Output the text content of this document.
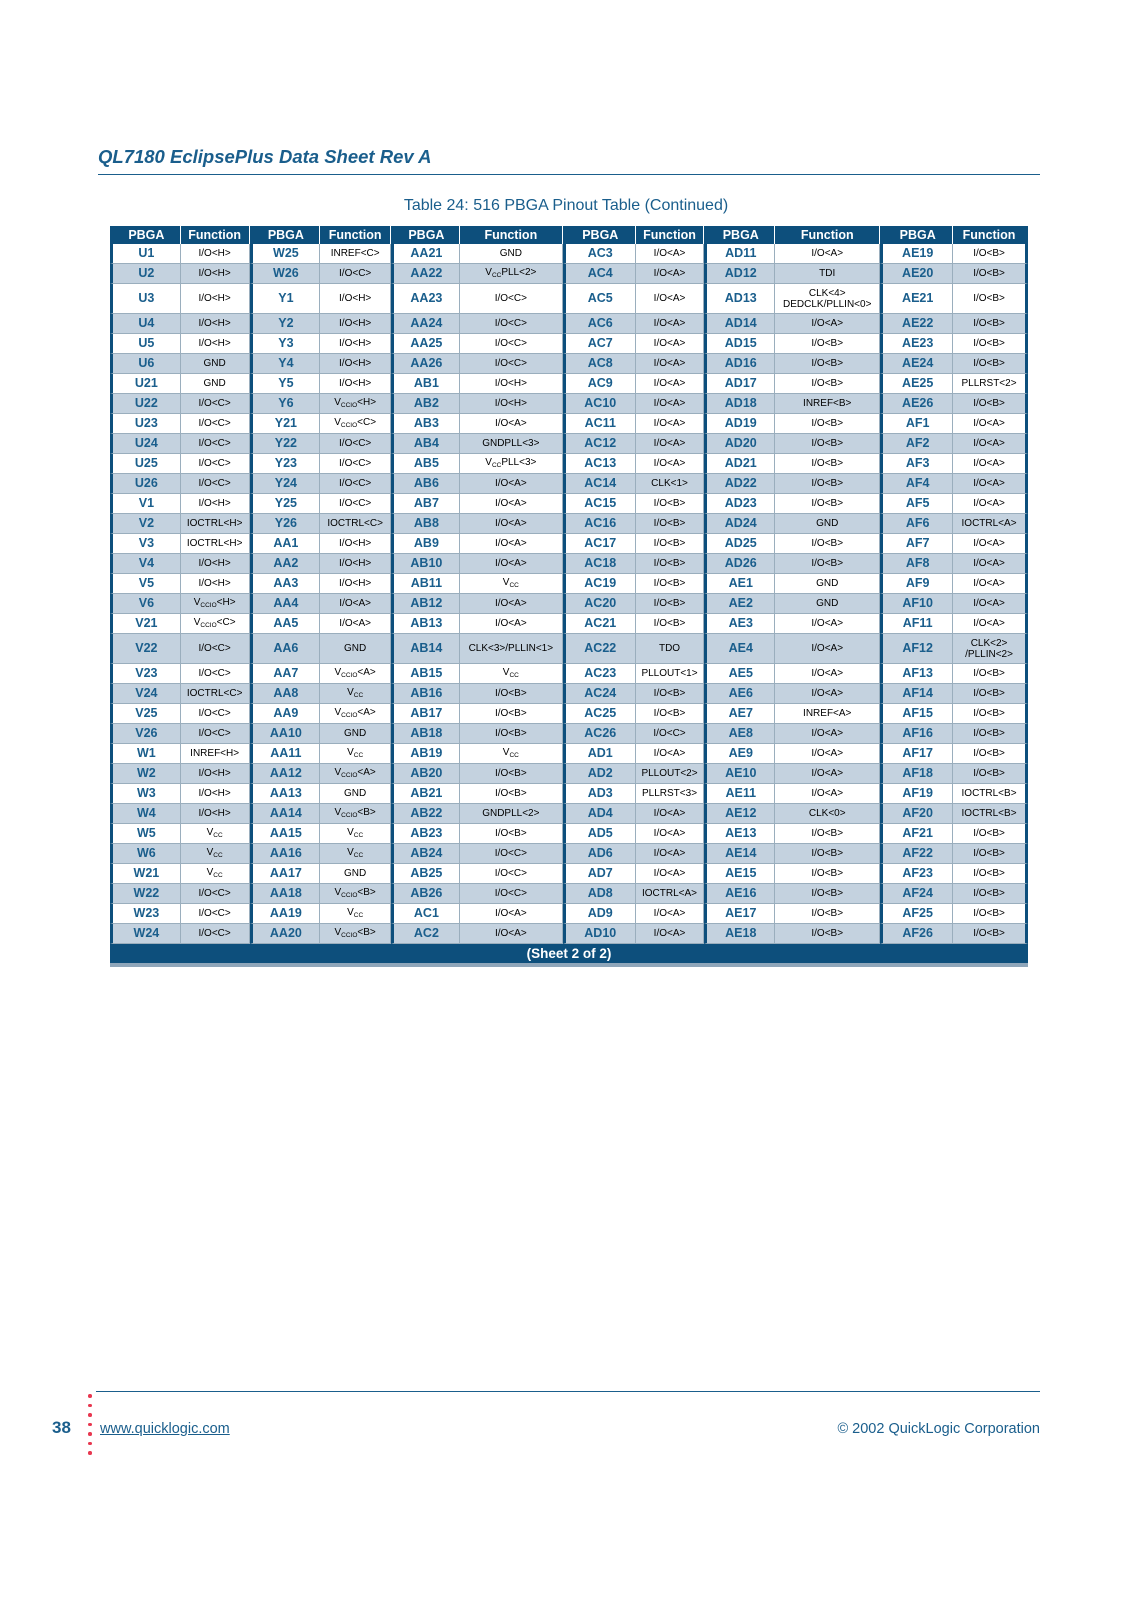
QL7180 EclipsePlus Data Sheet Rev A
Table 24: 516 PBGA Pinout Table (Continued)
PBGA	Function	PBGA	Function	PBGA	Function	PBGA	Function	PBGA	Function	PBGA	Function
U1	I/O<H>	W25	INREF<C>	AA21	GND	AC3	I/O<A>	AD11	I/O<A>	AE19	I/O<B>
U2	I/O<H>	W26	I/O<C>	AA22	$V_{CC}PLL<2>$	AC4	I/O<A>	AD12	TDI	AE20	I/O<B>
U3	I/O<H>	Y1	I/O<H>	AA23	I/O<C>	AC5	I/O<A>	AD13	CLK<4>
DEDCLK/PLLIN<0>	AE21	I/O<B>
U4	I/O<H>	Y2	I/O<H>	AA24	I/O<C>	AC6	I/O<A>	AD14	I/O<A>	AE22	I/O<B>
U5	I/O<H>	Y3	I/O<H>	AA25	I/O<C>	AC7	I/O<A>	AD15	I/O<B>	AE23	I/O<B>
U6	GND	Y4	I/O<H>	AA26	I/O<C>	AC8	I/O<A>	AD16	I/O<B>	AE24	I/O<B>
U21	GND	Y5	I/O<H>	AB1	I/O<H>	AC9	I/O<A>	AD17	I/O<B>	AE25	PLLRST<2>
U22	I/O<C>	Y6	$V_{CCIO}<H>$	AB2	I/O<H>	AC10	I/O<A>	AD18	INREF<B>	AE26	I/O<B>
U23	I/O<C>	Y21	$V_{CCIO}<C>$	AB3	I/O<A>	AC11	I/O<A>	AD19	I/O<B>	AF1	I/O<A>
U24	I/O<C>	Y22	I/O<C>	AB4	GNDPLL<3>	AC12	I/O<A>	AD20	I/O<B>	AF2	I/O<A>
U25	I/O<C>	Y23	I/O<C>	AB5	$V_{CC}PLL<3>$	AC13	I/O<A>	AD21	I/O<B>	AF3	I/O<A>
U26	I/O<C>	Y24	I/O<C>	AB6	I/O<A>	AC14	CLK<1>	AD22	I/O<B>	AF4	I/O<A>
V1	I/O<H>	Y25	I/O<C>	AB7	I/O<A>	AC15	I/O<B>	AD23	I/O<B>	AF5	I/O<A>
V2	IOCTRL<H>	Y26	IOCTRL<C>	AB8	I/O<A>	AC16	I/O<B>	AD24	GND	AF6	IOCTRL<A>
V3	IOCTRL<H>	AA1	I/O<H>	AB9	I/O<A>	AC17	I/O<B>	AD25	I/O<B>	AF7	I/O<A>
V4	I/O<H>	AA2	I/O<H>	AB10	I/O<A>	AC18	I/O<B>	AD26	I/O<B>	AF8	I/O<A>
V5	I/O<H>	AA3	I/O<H>	AB11	$V_{CC}$	AC19	I/O<B>	AE1	GND	AF9	I/O<A>
V6	$V_{CCIO}<H>$	AA4	I/O<A>	AB12	I/O<A>	AC20	I/O<B>	AE2	GND	AF10	I/O<A>
V21	$V_{CCIO}<C>$	AA5	I/O<A>	AB13	I/O<A>	AC21	I/O<B>	AE3	I/O<A>	AF11	I/O<A>
V22	I/O<C>	AA6	GND	AB14	CLK<3>/PLLIN<1>	AC22	TDO	AE4	I/O<A>	AF12	CLK<2>
/PLLIN<2>
V23	I/O<C>	AA7	$V_{CCIO}<A>$	AB15	$V_{CC}$	AC23	PLLOUT<1>	AE5	I/O<A>	AF13	I/O<B>
V24	IOCTRL<C>	AA8	$V_{CC}$	AB16	I/O<B>	AC24	I/O<B>	AE6	I/O<A>	AF14	I/O<B>
V25	I/O<C>	AA9	$V_{CCIO}<A>$	AB17	I/O<B>	AC25	I/O<B>	AE7	INREF<A>	AF15	I/O<B>
V26	I/O<C>	AA10	GND	AB18	I/O<B>	AC26	I/O<C>	AE8	I/O<A>	AF16	I/O<B>
W1	INREF<H>	AA11	$V_{CC}$	AB19	$V_{CC}$	AD1	I/O<A>	AE9	I/O<A>	AF17	I/O<B>
W2	I/O<H>	AA12	$V_{CCIO}<A>$	AB20	I/O<B>	AD2	PLLOUT<2>	AE10	I/O<A>	AF18	I/O<B>
W3	I/O<H>	AA13	GND	AB21	I/O<B>	AD3	PLLRST<3>	AE11	I/O<A>	AF19	IOCTRL<B>
W4	I/O<H>	AA14	$V_{CCIO}<B>$	AB22	GNDPLL<2>	AD4	I/O<A>	AE12	CLK<0>	AF20	IOCTRL<B>
W5	$V_{CC}$	AA15	$V_{CC}$	AB23	I/O<B>	AD5	I/O<A>	AE13	I/O<B>	AF21	I/O<B>
W6	$V_{CC}$	AA16	$V_{CC}$	AB24	I/O<C>	AD6	I/O<A>	AE14	I/O<B>	AF22	I/O<B>
W21	$V_{CC}$	AA17	GND	AB25	I/O<C>	AD7	I/O<A>	AE15	I/O<B>	AF23	I/O<B>
W22	I/O<C>	AA18	$V_{CCIO}<B>$	AB26	I/O<C>	AD8	IOCTRL<A>	AE16	I/O<B>	AF24	I/O<B>
W23	I/O<C>	AA19	$V_{CC}$	AC1	I/O<A>	AD9	I/O<A>	AE17	I/O<B>	AF25	I/O<B>
W24	I/O<C>	AA20	$V_{CCIO}<B>$	AC2	I/O<A>	AD10	I/O<A>	AE18	I/O<B>	AF26	I/O<B>
(Sheet 2 of 2)
38 www.quicklogic.com	© 2002 QuickLogic Corporation
